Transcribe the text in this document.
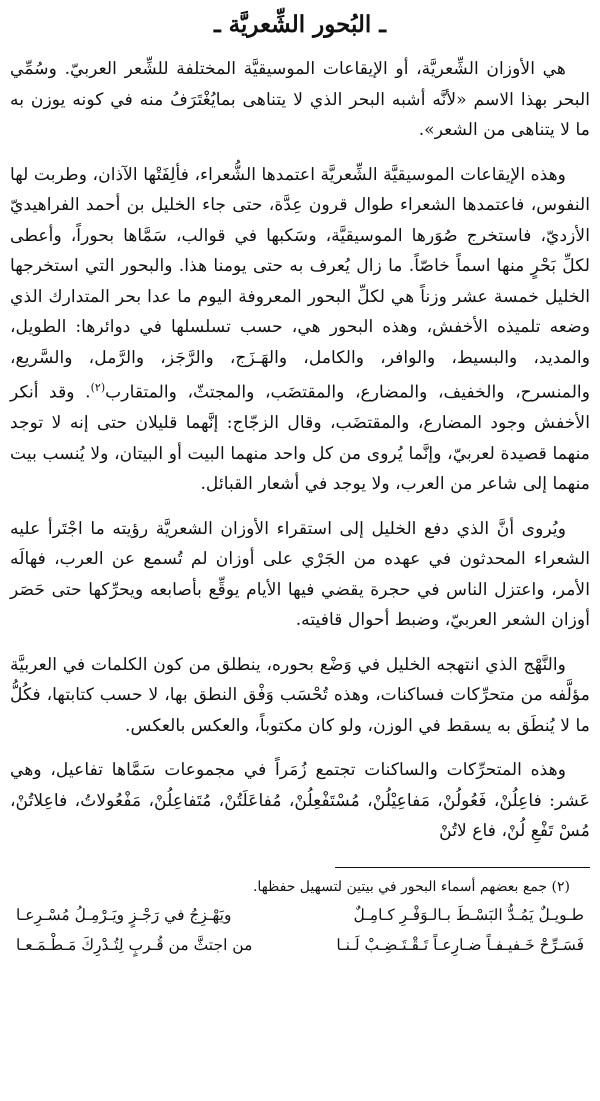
ـ البُحور الشِّعريَّة ـ

هي الأوزان الشِّعريَّة، أو الإيقاعات الموسيقيَّة المختلفة للشِّعر العربيّ. وسُمِّي البحر بهذا الاسم «لأنَّه أشبه البحر الذي لا يتناهى بمايُغْتَرَفُ منه في كونه يوزن به ما لا يتناهى من الشعر».

وهذه الإيقاعات الموسيقيَّة الشِّعريَّة اعتمدها الشُّعراء، فألِفَتْها الآذان، وطربت لها النفوس، فاعتمدها الشعراء طوال قرون عِدَّة، حتى جاء الخليل بن أحمد الفراهيديّ الأزديّ، فاستخرج صُوَرها الموسيقيَّة، وسَكبها في قوالب، سَمَّاها بحوراً، وأعطى لكلِّ بَحْرٍ منها اسماً خاصّاً. ما زال يُعرف به حتى يومنا هذا. والبحور التي استخرجها الخليل خمسة عشر وزناً هي لكلِّ البحور المعروفة اليوم ما عدا بحر المتدارك الذي وضعه تلميذه الأخفش، وهذه البحور هي، حسب تسلسلها في دوائرها: الطويل، والمديد، والبسيط، والوافر، والكامل، والهَـزَج، والرَّجَز، والرَّمل، والسَّريع، والمنسرح، والخفيف، والمضارع، والمقتضَب، والمجتثّ، والمتقارب$^{(٢)}$. وقد أنكر الأخفش وجود المضارع، والمقتضَب، وقال الزجّاج: إنَّهما قليلان حتى إنه لا توجد منهما قصيدة لعربيّ، وإنَّما يُروى من كل واحد منهما البيت أو البيتان، ولا يُنسب بيت منهما إلى شاعر من العرب، ولا يوجد في أشعار القبائل.

ويُروى أنَّ الذي دفع الخليل إلى استقراء الأوزان الشعريَّة رؤيته ما اجْتَرأ عليه الشعراء المحدثون في عهده من الجَرْي على أوزان لم تُسمع عن العرب، فهالَه الأمر، واعتزل الناس في حجرة يقضي فيها الأيام يوقِّع بأصابعه ويحرِّكها حتى حَصَر أوزان الشعر العربيّ، وضبط أحوال قافيته.

والنَّهْج الذي انتهجه الخليل في وَضْع بحوره، ينطلق من كون الكلمات في العربيَّة مؤلَّفه من متحرِّكات فساكنات، وهذه تُحْسَب وَفْق النطق بها، لا حسب كتابتها، فكُلُّ ما لا يُنطَق به يسقط في الوزن، ولو كان مكتوباً، والعكس بالعكس.

وهذه المتحرِّكات والساكنات تجتمع زُمَراً في مجموعات سَمَّاها تفاعيل، وهي عَشر: فاعِلُنْ، فَعُولُنْ، مَفاعِيْلُنْ، مُسْتَفْعِلُنْ، مُفاعَلَتُنْ، مُتَفاعِلُنْ، مَفْعُولاتُ، فاعِلاتُنْ، مُسْ تَفْعِ لُنْ، فاع لاتُنْ

(٢) جمع بعضهم أسماء البحور في بيتين لتسهيل حفظها.

طـويـلٌ يَمُـدُّ البَسْـطَ بـالـوَفْـرِ كـامِـلٌ
ويَهْـزِجُ في رَجْـزٍ ويَـرْمِـلُ مُسْـرِعـا
فَسَـرِّحْ خَـفيـفـاً ضـارِعـاً تَـقْـتَـضِـبْ لَـنـا
من اجتثَّ من قُـربٍ لِتُـدْرِكَ مَـطْـمَـعـا
